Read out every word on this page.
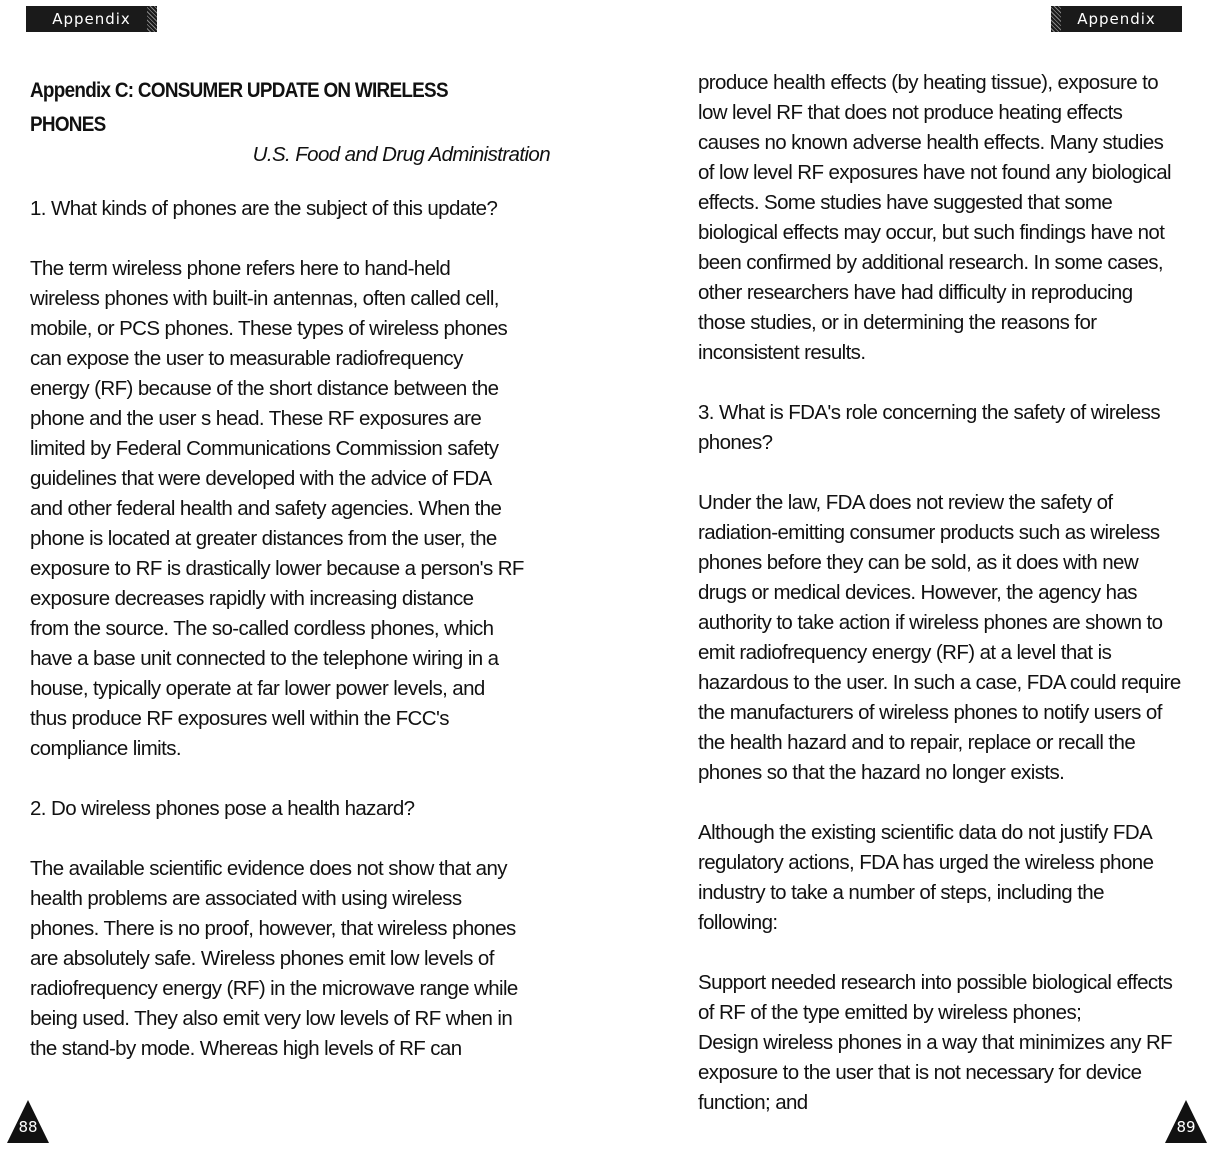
Appendix	Appendix
Appendix C: CONSUMER UPDATE ON WIRELESS
PHONES
U.S. Food and Drug Administration
1. What kinds of phones are the subject of this update?
The term wireless phone refers here to hand-held
wireless phones with built-in antennas, often called cell,
mobile, or PCS phones. These types of wireless phones
can expose the user to measurable radiofrequency
energy (RF) because of the short distance between the
phone and the user s head. These RF exposures are
limited by Federal Communications Commission safety
guidelines that were developed with the advice of FDA
and other federal health and safety agencies. When the
phone is located at greater distances from the user, the
exposure to RF is drastically lower because a person's RF
exposure decreases rapidly with increasing distance
from the source. The so-called cordless phones, which
have a base unit connected to the telephone wiring in a
house, typically operate at far lower power levels, and
thus produce RF exposures well within the FCC's
compliance limits.
2. Do wireless phones pose a health hazard?
The available scientific evidence does not show that any
health problems are associated with using wireless
phones. There is no proof, however, that wireless phones
are absolutely safe. Wireless phones emit low levels of
radiofrequency energy (RF) in the microwave range while
being used. They also emit very low levels of RF when in
the stand-by mode. Whereas high levels of RF can
produce health effects (by heating tissue), exposure to
low level RF that does not produce heating effects
causes no known adverse health effects. Many studies
of low level RF exposures have not found any biological
effects. Some studies have suggested that some
biological effects may occur, but such findings have not
been confirmed by additional research. In some cases,
other researchers have had difficulty in reproducing
those studies, or in determining the reasons for
inconsistent results.
3. What is FDA's role concerning the safety of wireless
phones?
Under the law, FDA does not review the safety of
radiation-emitting consumer products such as wireless
phones before they can be sold, as it does with new
drugs or medical devices. However, the agency has
authority to take action if wireless phones are shown to
emit radiofrequency energy (RF) at a level that is
hazardous to the user. In such a case, FDA could require
the manufacturers of wireless phones to notify users of
the health hazard and to repair, replace or recall the
phones so that the hazard no longer exists.
Although the existing scientific data do not justify FDA
regulatory actions, FDA has urged the wireless phone
industry to take a number of steps, including the
following:
Support needed research into possible biological effects
of RF of the type emitted by wireless phones;
Design wireless phones in a way that minimizes any RF
exposure to the user that is not necessary for device
function; and
88	89
